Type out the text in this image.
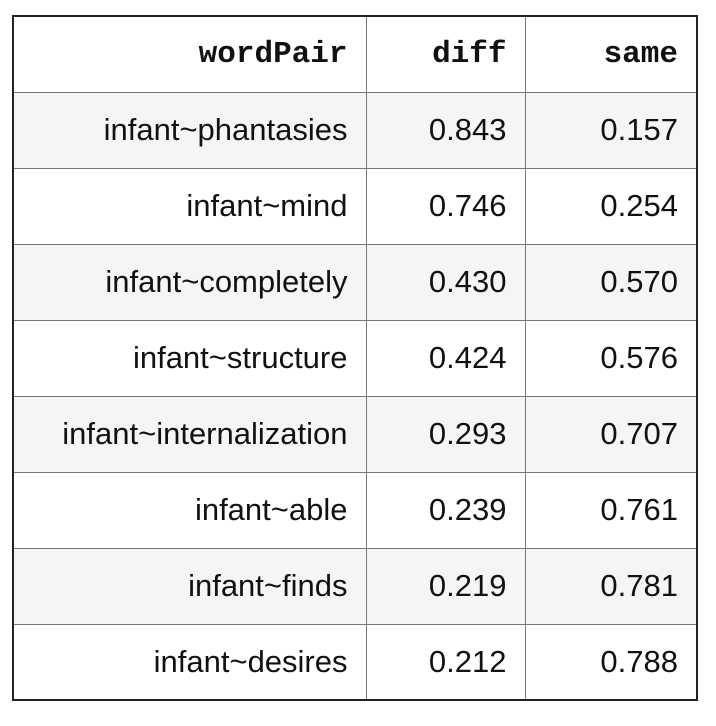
wordPair	diff	same
infant~phantasies	0.843	0.157
infant~mind	0.746	0.254
infant~completely	0.430	0.570
infant~structure	0.424	0.576
infant~internalization	0.293	0.707
infant~able	0.239	0.761
infant~finds	0.219	0.781
infant~desires	0.212	0.788
